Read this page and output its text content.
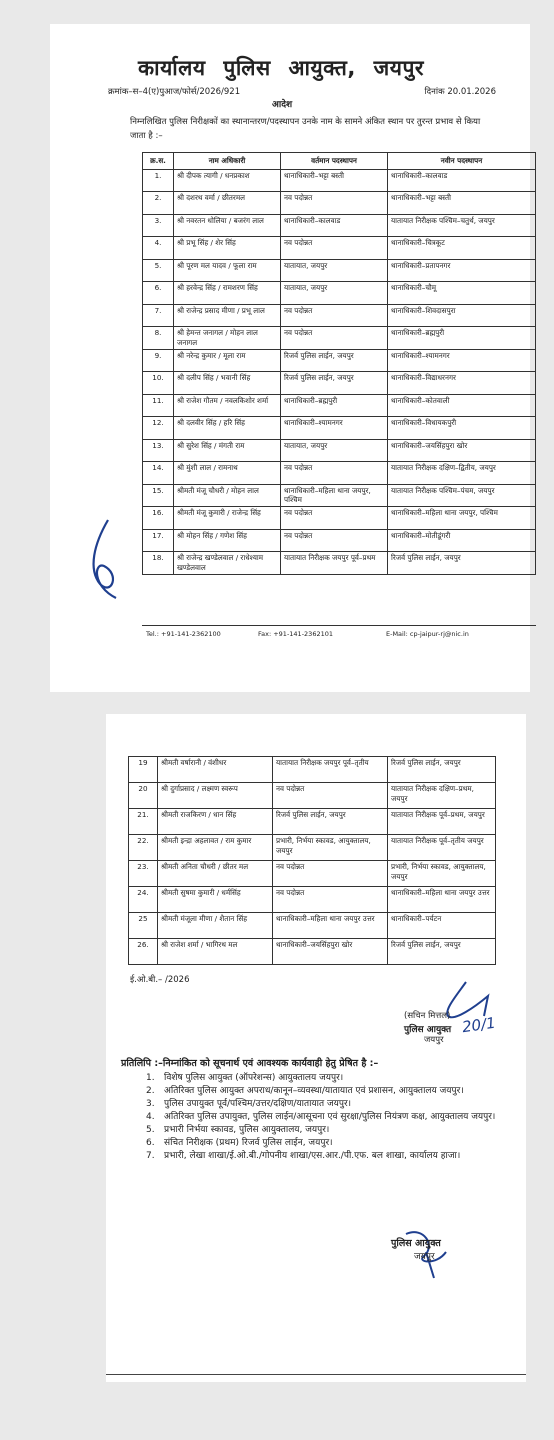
कार्यालय पुलिस आयुक्त, जयपुर
क्रमांक–स–4(ए)पुआज/फोर्स/2026/921	दिनांक 20.01.2026
आदेश
निम्नलिखित पुलिस निरीक्षकों का स्थानान्तरण/पदस्थापन उनके नाम के सामने अंकित स्थान पर तुरन्त प्रभाव से किया जाता है :–
क्र.स.	नाम अधिकारी	वर्तमान पदस्थापन	नवीन पदस्थापन
1.	श्री दीपक त्यागी / धनप्रकाश	थानाधिकारी–भट्टा बस्ती	थानाधिकारी–कालवाड
2.	श्री दशरथ वर्मा / छीतरमल	नव पदोन्नत	थानाधिकारी–भट्टा बस्ती
3.	श्री नवरतन धोलिया / बजरंग लाल	थानाधिकारी–कालवाड	यातायात निरीक्षक पश्चिम–चतुर्थ, जयपुर
4.	श्री प्रभू सिंह / शेर सिंह	नव पदोन्नत	थानाधिकारी–चित्रकूट
5.	श्री पूरण मल यादव / फूला राम	यातायात, जयपुर	थानाधिकारी–प्रतापनगर
6.	श्री हरवेन्द्र सिंह / रामशरण सिंह	यातायात, जयपुर	थानाधिकारी–चौमू
7.	श्री राजेन्द्र प्रसाद मीणा / प्रभू लाल	नव पदोन्नत	थानाधिकारी–शिवदासपुरा
8.	श्री हेमन्त जनागल / मोहन लाल जनागल	नव पदोन्नत	थानाधिकारी–ब्रह्मपुरी
9.	श्री नरेन्द्र कुमार / मूला राम	रिजर्व पुलिस लाईन, जयपुर	थानाधिकारी–श्यामनगर
10.	श्री दलीप सिंह / भवानी सिंह	रिजर्व पुलिस लाईन, जयपुर	थानाधिकारी–विद्याधरनगर
11.	श्री राजेश गौतम / नवलकिशोर शर्मा	थानाधिकारी–ब्रह्मपुरी	थानाधिकारी–कोतवाली
12.	श्री दलवीर सिंह / हरि सिंह	थानाधिकारी–श्यामनगर	थानाधिकारी–विधायकपुरी
13.	श्री सुरेश सिंह / मंगती राम	यातायात, जयपुर	थानाधिकारी–जयसिंहपुरा खोर
14.	श्री मुंशी लाल / रामनाथ	नव पदोन्नत	यातायात निरीक्षक दक्षिण–द्वितीय, जयपुर
15.	श्रीमती मंजू चौधरी / मोहन लाल	थानाधिकारी–महिला थाना जयपुर, पश्चिम	यातायात निरीक्षक पश्चिम–पंचम, जयपुर
16.	श्रीमती मंजू कुमारी / राजेन्द्र सिंह	नव पदोन्नत	थानाधिकारी–महिला थाना जयपुर, पश्चिम
17.	श्री मोहन सिंह / गणेश सिंह	नव पदोन्नत	थानाधिकारी–मोतीडूंगरी
18.	श्री राजेन्द्र खण्डेलवाल / राधेश्याम खण्डेलवाल	यातायात निरीक्षक जयपुर पूर्व–प्रथम	रिजर्व पुलिस लाईन, जयपुर
Tel.: +91-141-2362100	Fax: +91-141-2362101	E-Mail: cp-jaipur-rj@nic.in
19	श्रीमती वर्षारानी / वंशीधर	यातायात निरीक्षक जयपुर पूर्व–तृतीय	रिजर्व पुलिस लाईन, जयपुर
20	श्री दुर्गाप्रसाद / लक्ष्मण स्वरूप	नव पदोन्नत	यातायात निरीक्षक दक्षिण–प्रथम, जयपुर
21.	श्रीमती राजकिरण / धान सिंह	रिजर्व पुलिस लाईन, जयपुर	यातायात निरीक्षक पूर्व–प्रथम, जयपुर
22.	श्रीमती इन्द्रा अहलावत / राम कुमार	प्रभारी, निर्भया स्कावड, आयुक्तालय, जयपुर	यातायात निरीक्षक पूर्व–तृतीय जयपुर
23.	श्रीमती अनिता चौधरी / छीतर मल	नव पदोन्नत	प्रभारी, निर्भया स्कावड, आयुक्तालय, जयपुर
24.	श्रीमती सुषमा कुमारी / धर्मसिंह	नव पदोन्नत	थानाधिकारी–महिला थाना जयपुर उत्तर
25	श्रीमती मंजूला मीणा / शैतान सिंह	थानाधिकारी–महिला थाना जयपुर उत्तर	थानाधिकारी–पर्यटन
26.	श्री राजेश शर्मा / भागिरथ मल	थानाधिकारी–जयसिंहपुरा खोर	रिजर्व पुलिस लाईन, जयपुर
ई.ओ.बी.– /2026
(सचिन मित्तल)
पुलिस आयुक्त
जयपुर
20/1
प्रतिलिपि :–निम्नांकित को सूचनार्थ एवं आवश्यक कार्यवाही हेतु प्रेषित है :–
1.	विशेष पुलिस आयुक्त (ऑपरेशन्स) आयुक्तालय जयपुर।
2.	अतिरिक्त पुलिस आयुक्त अपराध/कानून–व्यवस्था/यातायात एवं प्रशासन, आयुक्तालय जयपुर।
3.	पुलिस उपायुक्त पूर्व/पश्चिम/उत्तर/दक्षिण/यातायात जयपुर।
4.	अतिरिक्त पुलिस उपायुक्त, पुलिस लाईन/आसूचना एवं सुरक्षा/पुलिस नियंत्रण कक्ष, आयुक्तालय जयपुर।
5.	प्रभारी निर्भया स्कावड, पुलिस आयुक्तालय, जयपुर।
6.	संचित निरीक्षक (प्रथम) रिजर्व पुलिस लाईन, जयपुर।
7.	प्रभारी, लेखा शाखा/ई.ओ.बी./गोपनीय शाखा/एस.आर./पी.एफ. बल शाखा, कार्यालय हाजा।
पुलिस आयुक्त
जयपुर
